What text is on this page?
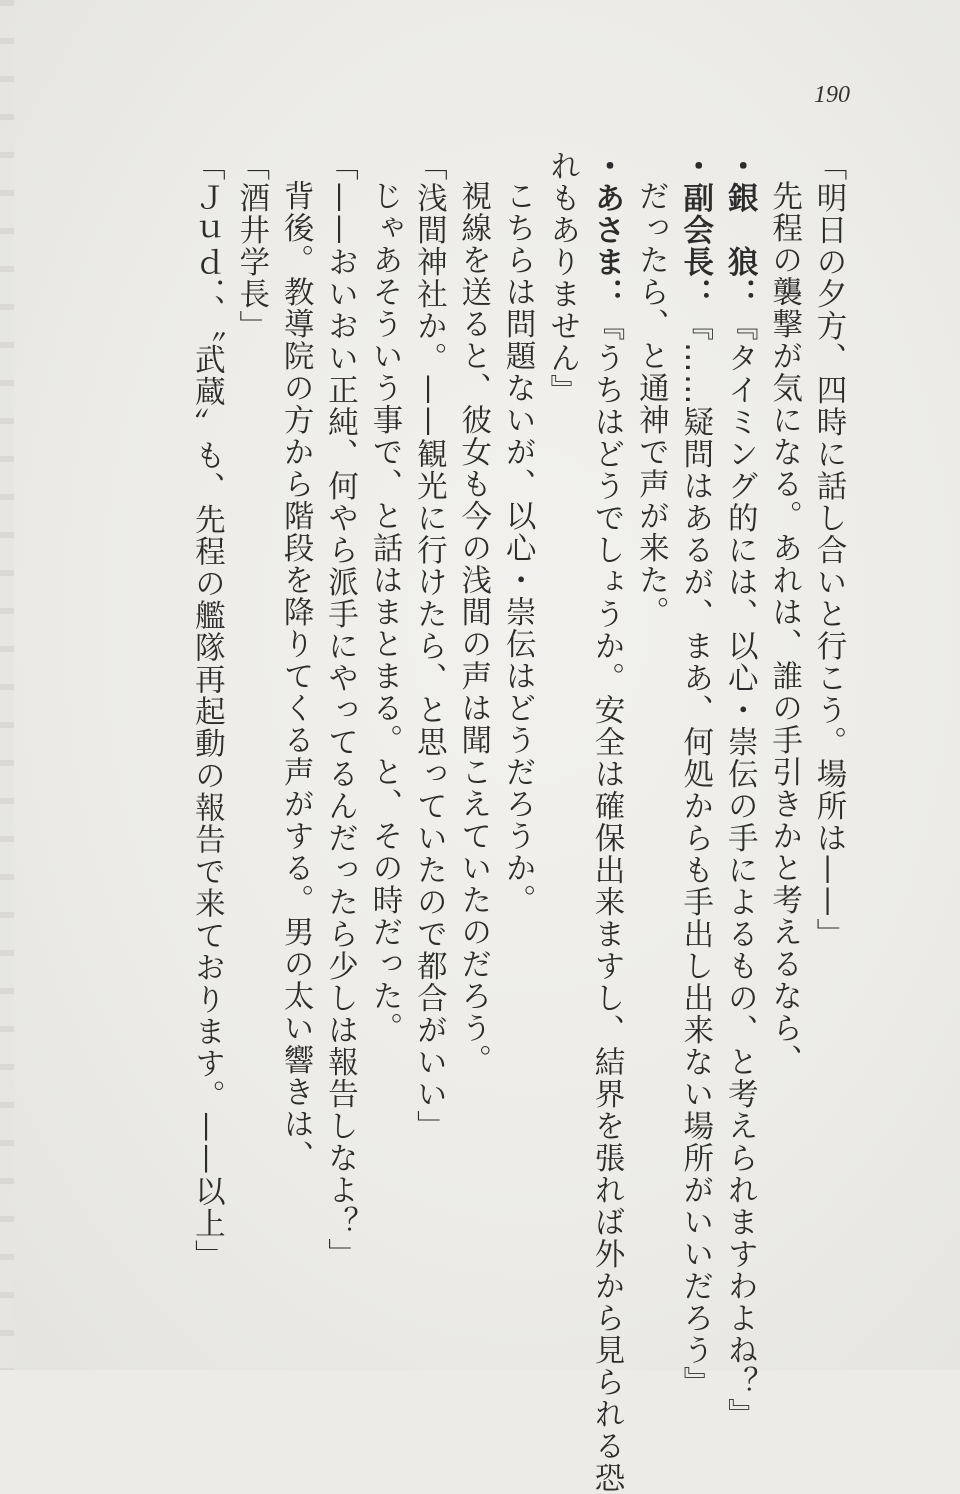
190
「明日の夕方、四時に話し合いと行こう。場所は——」
先程の襲撃が気になる。あれは、誰の手引きかと考えるなら、
・銀　狼：『タイミング的には、以心・崇伝の手によるもの、と考えられますわよね？』
・副会長：『……疑問はあるが、まあ、何処からも手出し出来ない場所がいいだろう』
だったら、と通神で声が来た。
・あさま：『うちはどうでしょうか。安全は確保出来ますし、結界を張れば外から見られる恐
れもありません』
こちらは問題ないが、以心・崇伝はどうだろうか。
視線を送ると、彼女も今の浅間の声は聞こえていたのだろう。
「浅間神社か。——観光に行けたら、と思っていたので都合がいい」
じゃあそういう事で、と話はまとまる。と、その時だった。
「——おいおい正純、何やら派手にやってるんだったら少しは報告しなよ？」
背後。教導院の方から階段を降りてくる声がする。男の太い響きは、
「酒井学長」
「Ｊｕｄ．、〝武蔵〟も、先程の艦隊再起動の報告で来ております。——以上」
